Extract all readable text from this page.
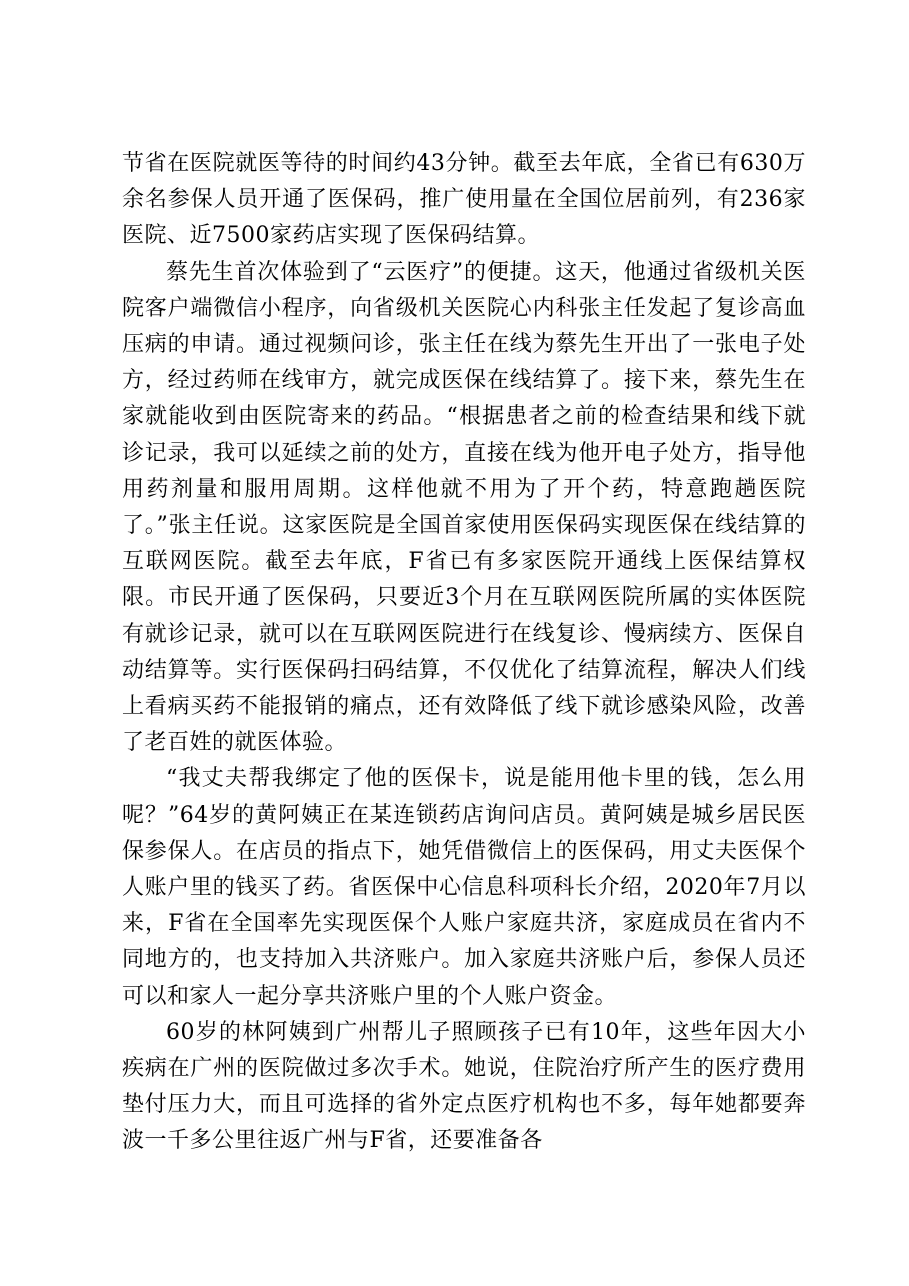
节省在医院就医等待的时间约43分钟。截至去年底，全省已有630万余名参保人员开通了医保码，推广使用量在全国位居前列，有236家医院、近7500家药店实现了医保码结算。

蔡先生首次体验到了“云医疗”的便捷。这天，他通过省级机关医院客户端微信小程序，向省级机关医院心内科张主任发起了复诊高血压病的申请。通过视频问诊，张主任在线为蔡先生开出了一张电子处方，经过药师在线审方，就完成医保在线结算了。接下来，蔡先生在家就能收到由医院寄来的药品。“根据患者之前的检查结果和线下就诊记录，我可以延续之前的处方，直接在线为他开电子处方，指导他用药剂量和服用周期。这样他就不用为了开个药，特意跑趟医院了。”张主任说。这家医院是全国首家使用医保码实现医保在线结算的互联网医院。截至去年底，F省已有多家医院开通线上医保结算权限。市民开通了医保码，只要近3个月在互联网医院所属的实体医院有就诊记录，就可以在互联网医院进行在线复诊、慢病续方、医保自动结算等。实行医保码扫码结算，不仅优化了结算流程，解决人们线上看病买药不能报销的痛点，还有效降低了线下就诊感染风险，改善了老百姓的就医体验。

“我丈夫帮我绑定了他的医保卡，说是能用他卡里的钱，怎么用呢？”64岁的黄阿姨正在某连锁药店询问店员。黄阿姨是城乡居民医保参保人。在店员的指点下，她凭借微信上的医保码，用丈夫医保个人账户里的钱买了药。省医保中心信息科项科长介绍，2020年7月以来，F省在全国率先实现医保个人账户家庭共济，家庭成员在省内不同地方的，也支持加入共济账户。加入家庭共济账户后，参保人员还可以和家人一起分享共济账户里的个人账户资金。

60岁的林阿姨到广州帮儿子照顾孩子已有10年，这些年因大小疾病在广州的医院做过多次手术。她说，住院治疗所产生的医疗费用垫付压力大，而且可选择的省外定点医疗机构也不多，每年她都要奔波一千多公里往返广州与F省，还要准备各
